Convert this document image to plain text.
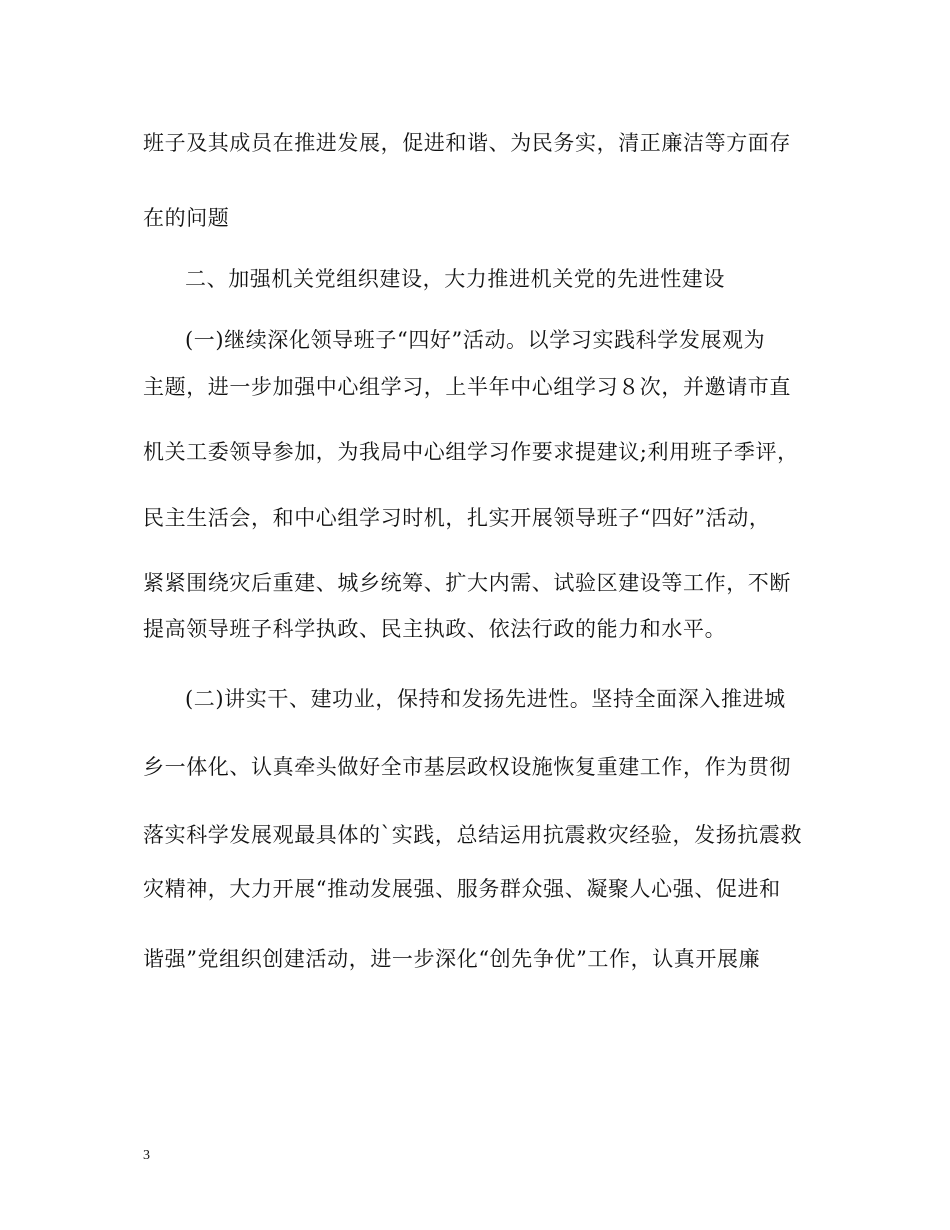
班子及其成员在推进发展，促进和谐、为民务实，清正廉洁等方面存
在的问题
二、加强机关党组织建设，大力推进机关党的先进性建设
(一)继续深化领导班子“四好”活动。以学习实践科学发展观为
主题，进一步加强中心组学习，上半年中心组学习８次，并邀请市直
机关工委领导参加，为我局中心组学习作要求提建议;利用班子季评，
民主生活会，和中心组学习时机，扎实开展领导班子“四好”活动，
紧紧围绕灾后重建、城乡统筹、扩大内需、试验区建设等工作，不断
提高领导班子科学执政、民主执政、依法行政的能力和水平。
(二)讲实干、建功业，保持和发扬先进性。坚持全面深入推进城
乡一体化、认真牵头做好全市基层政权设施恢复重建工作，作为贯彻
落实科学发展观最具体的`实践，总结运用抗震救灾经验，发扬抗震救
灾精神，大力开展“推动发展强、服务群众强、凝聚人心强、促进和
谐强”党组织创建活动，进一步深化“创先争优”工作，认真开展廉
3
